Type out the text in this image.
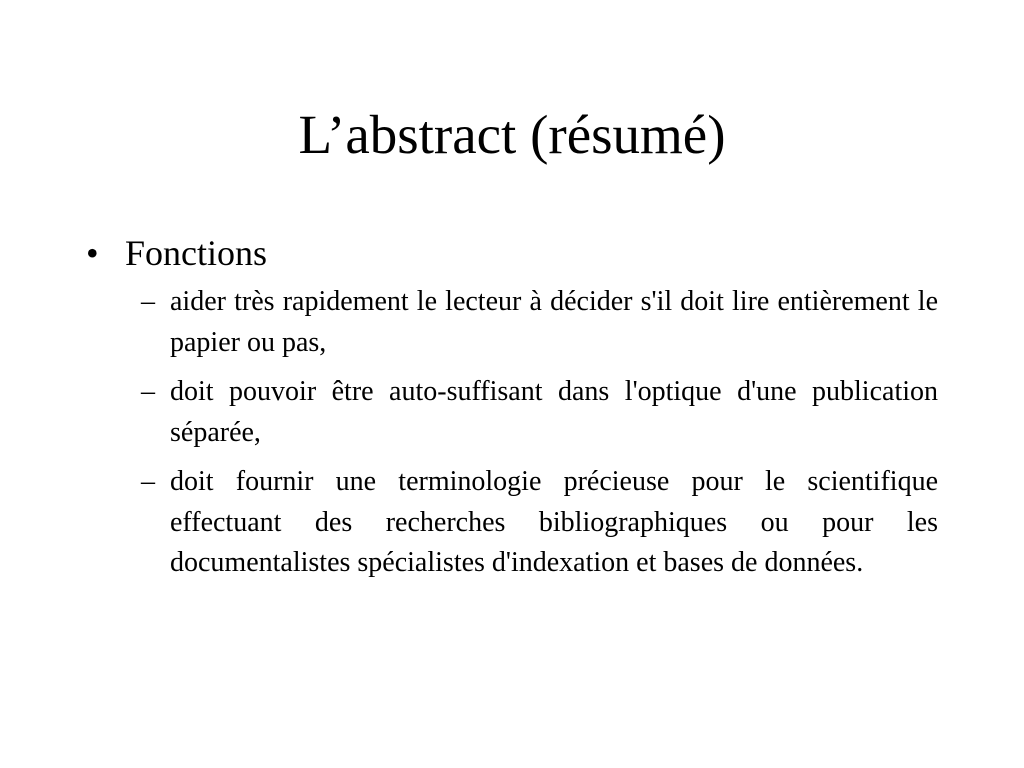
L’abstract (résumé)
• Fonctions
– aider très rapidement le lecteur à décider s'il doit lire entièrement le papier ou pas,
– doit pouvoir être auto-suffisant dans l'optique d'une publication séparée,
– doit fournir une terminologie précieuse pour le scientifique effectuant des recherches bibliographiques ou pour les documentalistes spécialistes d'indexation et bases de données.
